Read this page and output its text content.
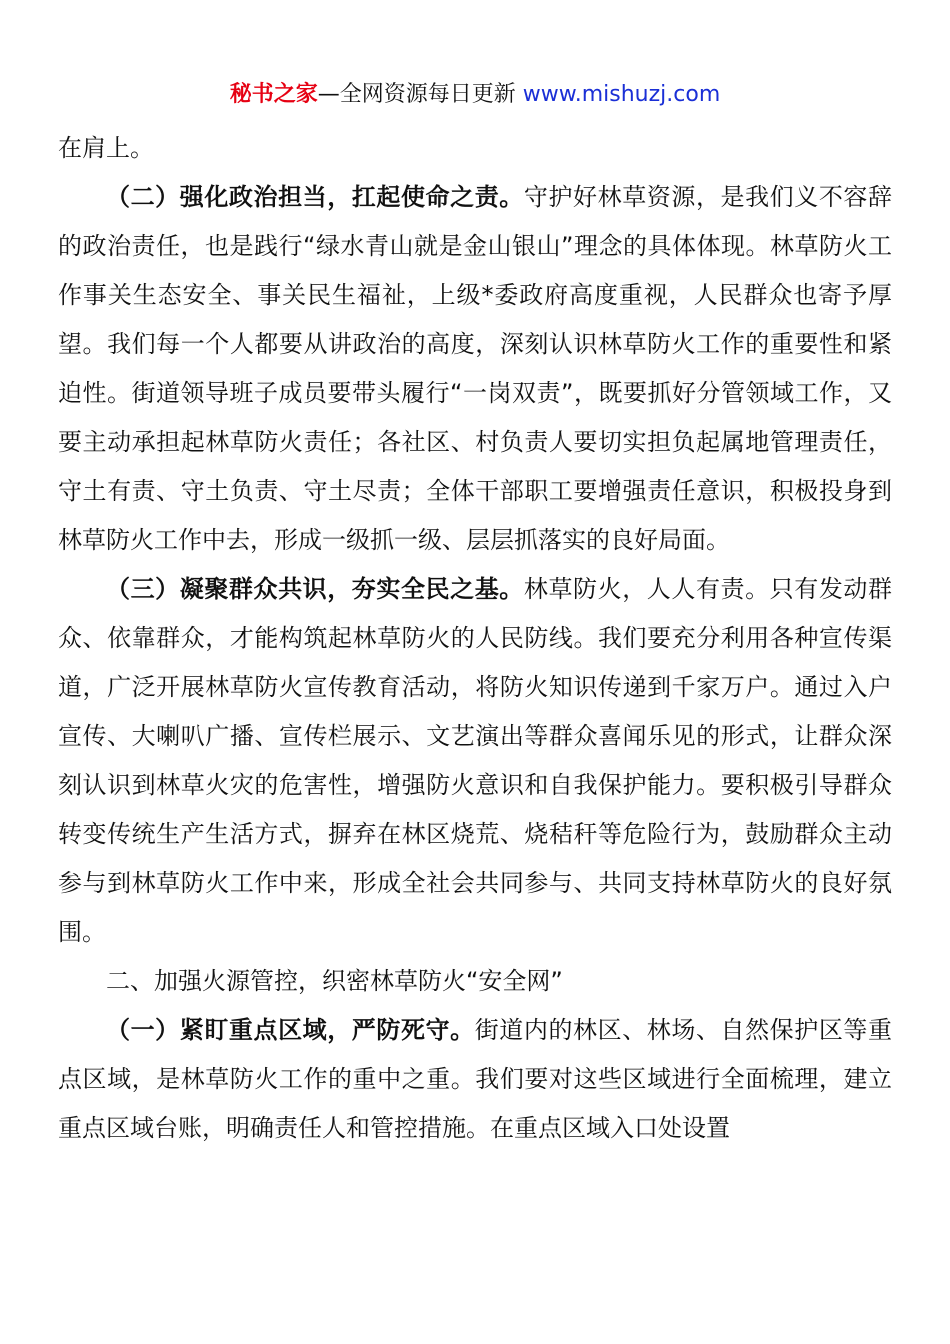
秘书之家—全网资源每日更新 www.mishuzj.com

在肩上。

（二）强化政治担当，扛起使命之责。守护好林草资源，是我们义不容辞的政治责任，也是践行“绿水青山就是金山银山”理念的具体体现。林草防火工作事关生态安全、事关民生福祉，上级*委政府高度重视，人民群众也寄予厚望。我们每一个人都要从讲政治的高度，深刻认识林草防火工作的重要性和紧迫性。街道领导班子成员要带头履行“一岗双责”，既要抓好分管领域工作，又要主动承担起林草防火责任；各社区、村负责人要切实担负起属地管理责任，守土有责、守土负责、守土尽责；全体干部职工要增强责任意识，积极投身到林草防火工作中去，形成一级抓一级、层层抓落实的良好局面。

（三）凝聚群众共识，夯实全民之基。林草防火，人人有责。只有发动群众、依靠群众，才能构筑起林草防火的人民防线。我们要充分利用各种宣传渠道，广泛开展林草防火宣传教育活动，将防火知识传递到千家万户。通过入户宣传、大喇叭广播、宣传栏展示、文艺演出等群众喜闻乐见的形式，让群众深刻认识到林草火灾的危害性，增强防火意识和自我保护能力。要积极引导群众转变传统生产生活方式，摒弃在林区烧荒、烧秸秆等危险行为，鼓励群众主动参与到林草防火工作中来，形成全社会共同参与、共同支持林草防火的良好氛围。

二、加强火源管控，织密林草防火“安全网”

（一）紧盯重点区域，严防死守。街道内的林区、林场、自然保护区等重点区域，是林草防火工作的重中之重。我们要对这些区域进行全面梳理，建立重点区域台账，明确责任人和管控措施。在重点区域入口处设置
